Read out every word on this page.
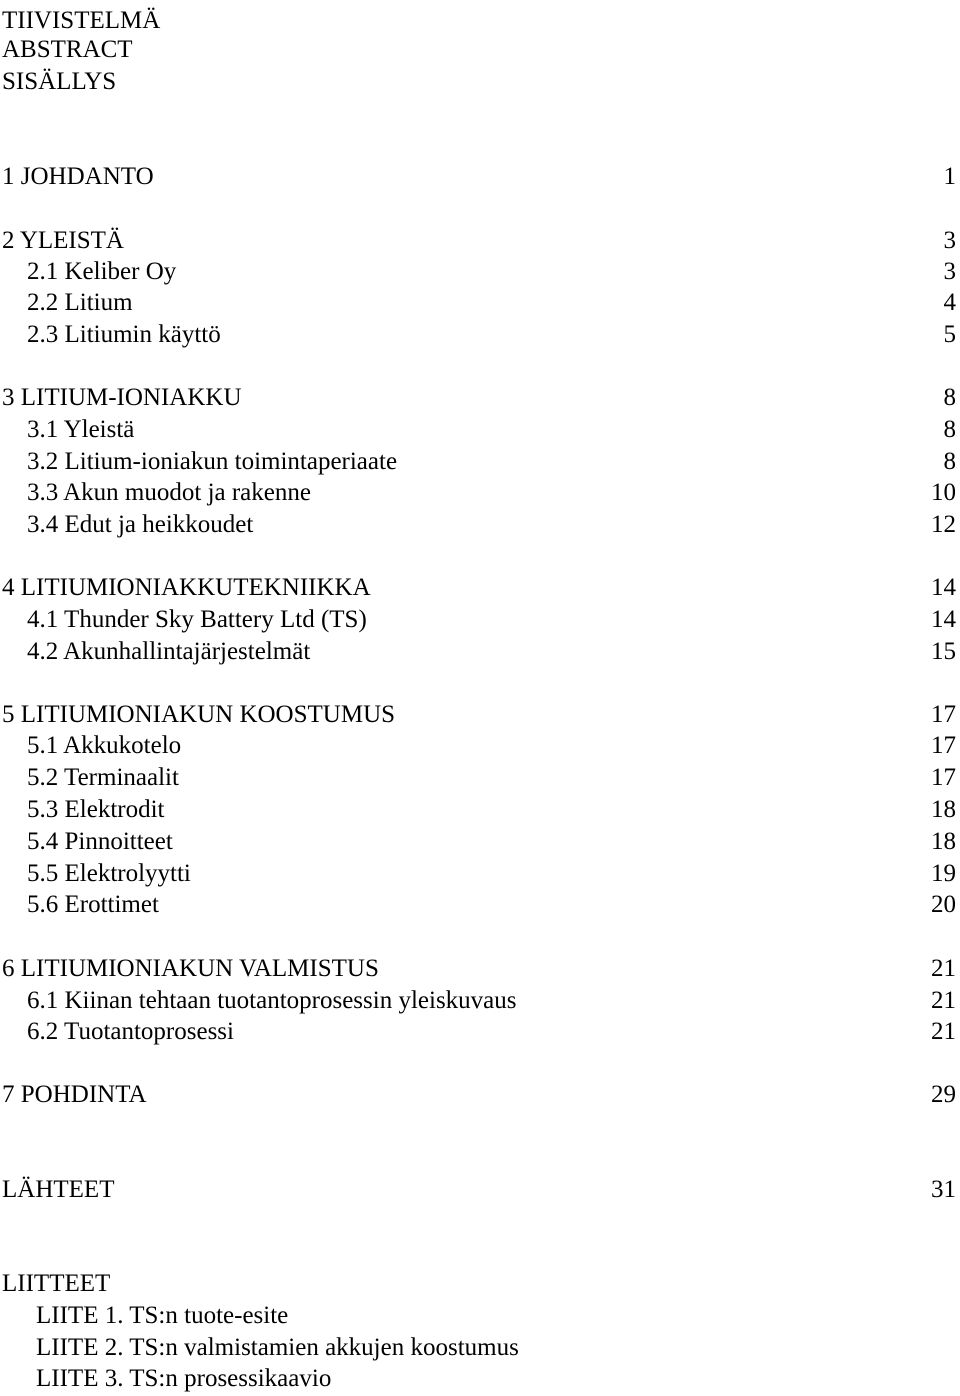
TIIVISTELMÄ
ABSTRACT
SISÄLLYS
1 JOHDANTO	1
2 YLEISTÄ	3
2.1 Keliber Oy	3
2.2 Litium	4
2.3 Litiumin käyttö	5
3 LITIUM-IONIAKKU	8
3.1 Yleistä	8
3.2 Litium-ioniakun toimintaperiaate	8
3.3 Akun muodot ja rakenne	10
3.4 Edut ja heikkoudet	12
4 LITIUMIONIAKKUTEKNIIKKA	14
4.1 Thunder Sky Battery Ltd (TS)	14
4.2 Akunhallintajärjestelmät	15
5 LITIUMIONIAKUN KOOSTUMUS	17
5.1 Akkukotelo	17
5.2 Terminaalit	17
5.3 Elektrodit	18
5.4 Pinnoitteet	18
5.5 Elektrolyytti	19
5.6 Erottimet	20
6 LITIUMIONIAKUN VALMISTUS	21
6.1 Kiinan tehtaan tuotantoprosessin yleiskuvaus	21
6.2 Tuotantoprosessi	21
7 POHDINTA	29
LÄHTEET	31
LIITTEET
LIITE 1. TS:n tuote-esite
LIITE 2. TS:n valmistamien akkujen koostumus
LIITE 3. TS:n prosessikaavio
